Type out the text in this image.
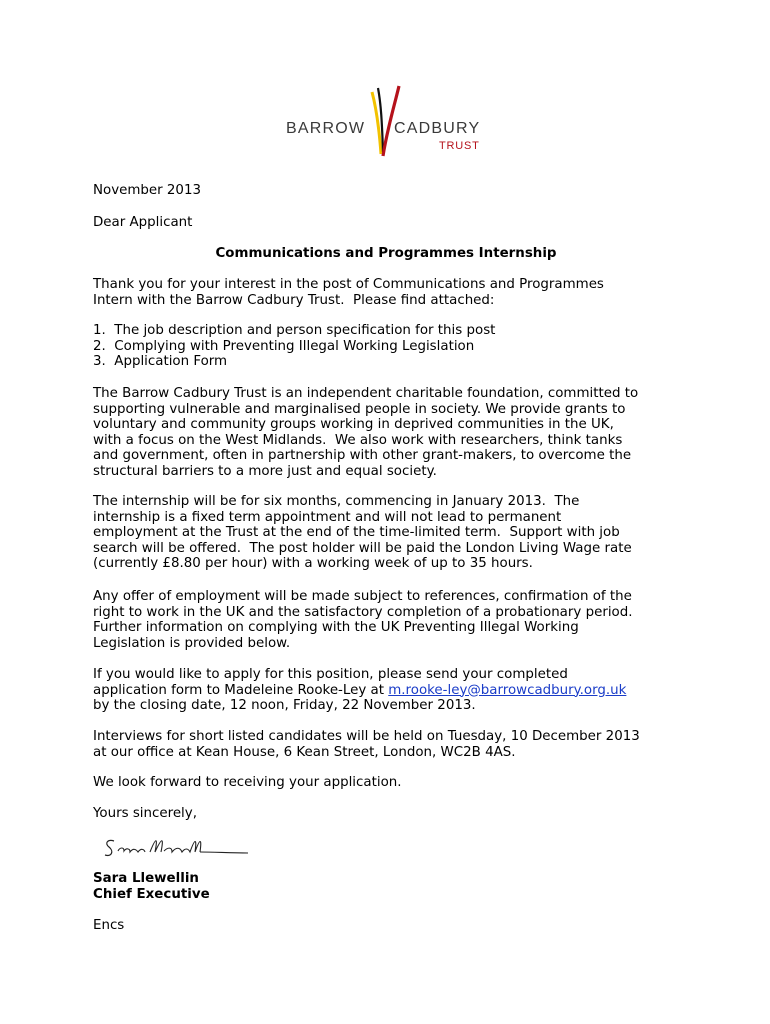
BARROW CADBURY
TRUST
November 2013
Dear Applicant
Communications and Programmes Internship
Thank you for your interest in the post of Communications and Programmes
Intern with the Barrow Cadbury Trust.  Please find attached:
1.  The job description and person specification for this post
2.  Complying with Preventing Illegal Working Legislation
3.  Application Form
The Barrow Cadbury Trust is an independent charitable foundation, committed to
supporting vulnerable and marginalised people in society. We provide grants to
voluntary and community groups working in deprived communities in the UK,
with a focus on the West Midlands.  We also work with researchers, think tanks
and government, often in partnership with other grant-makers, to overcome the
structural barriers to a more just and equal society.
The internship will be for six months, commencing in January 2013.  The
internship is a fixed term appointment and will not lead to permanent
employment at the Trust at the end of the time-limited term.  Support with job
search will be offered.  The post holder will be paid the London Living Wage rate
(currently £8.80 per hour) with a working week of up to 35 hours.
Any offer of employment will be made subject to references, confirmation of the
right to work in the UK and the satisfactory completion of a probationary period.
Further information on complying with the UK Preventing Illegal Working
Legislation is provided below.
If you would like to apply for this position, please send your completed
application form to Madeleine Rooke-Ley at m.rooke-ley@barrowcadbury.org.uk
by the closing date, 12 noon, Friday, 22 November 2013.
Interviews for short listed candidates will be held on Tuesday, 10 December 2013
at our office at Kean House, 6 Kean Street, London, WC2B 4AS.
We look forward to receiving your application.
Yours sincerely,
Sara Llewellin
Chief Executive
Encs
